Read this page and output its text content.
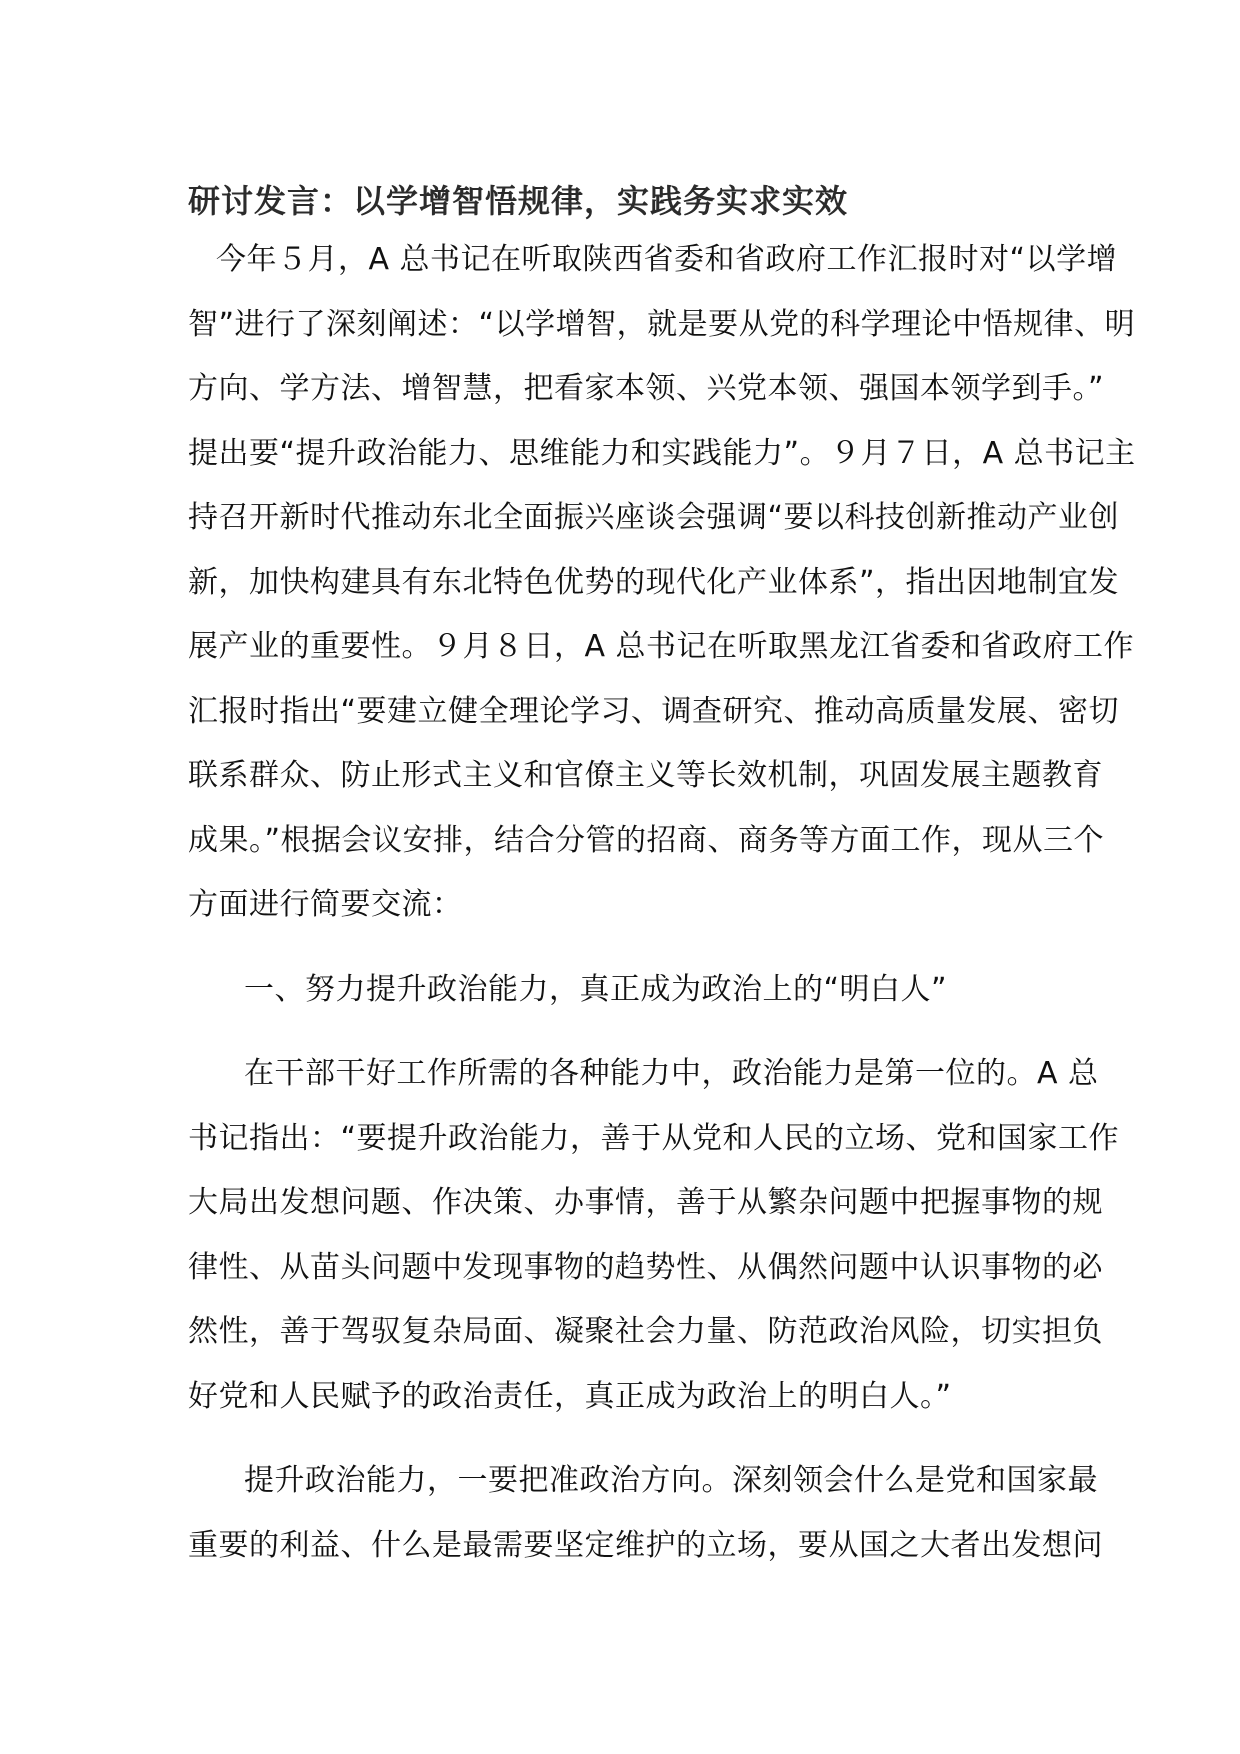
研讨发言：以学增智悟规律，实践务实求实效

今年５月，A 总书记在听取陕西省委和省政府工作汇报时对“以学增
智”进行了深刻阐述：“以学增智，就是要从党的科学理论中悟规律、明
方向、学方法、增智慧，把看家本领、兴党本领、强国本领学到手。”
提出要“提升政治能力、思维能力和实践能力”。９月７日，A 总书记主
持召开新时代推动东北全面振兴座谈会强调“要以科技创新推动产业创
新，加快构建具有东北特色优势的现代化产业体系”，指出因地制宜发
展产业的重要性。９月８日，A 总书记在听取黑龙江省委和省政府工作
汇报时指出“要建立健全理论学习、调查研究、推动高质量发展、密切
联系群众、防止形式主义和官僚主义等长效机制，巩固发展主题教育
成果。”根据会议安排，结合分管的招商、商务等方面工作，现从三个
方面进行简要交流：

一、努力提升政治能力，真正成为政治上的“明白人”

在干部干好工作所需的各种能力中，政治能力是第一位的。A 总
书记指出：“要提升政治能力，善于从党和人民的立场、党和国家工作
大局出发想问题、作决策、办事情，善于从繁杂问题中把握事物的规
律性、从苗头问题中发现事物的趋势性、从偶然问题中认识事物的必
然性，善于驾驭复杂局面、凝聚社会力量、防范政治风险，切实担负
好党和人民赋予的政治责任，真正成为政治上的明白人。”

提升政治能力，一要把准政治方向。深刻领会什么是党和国家最
重要的利益、什么是最需要坚定维护的立场，要从国之大者出发想问
